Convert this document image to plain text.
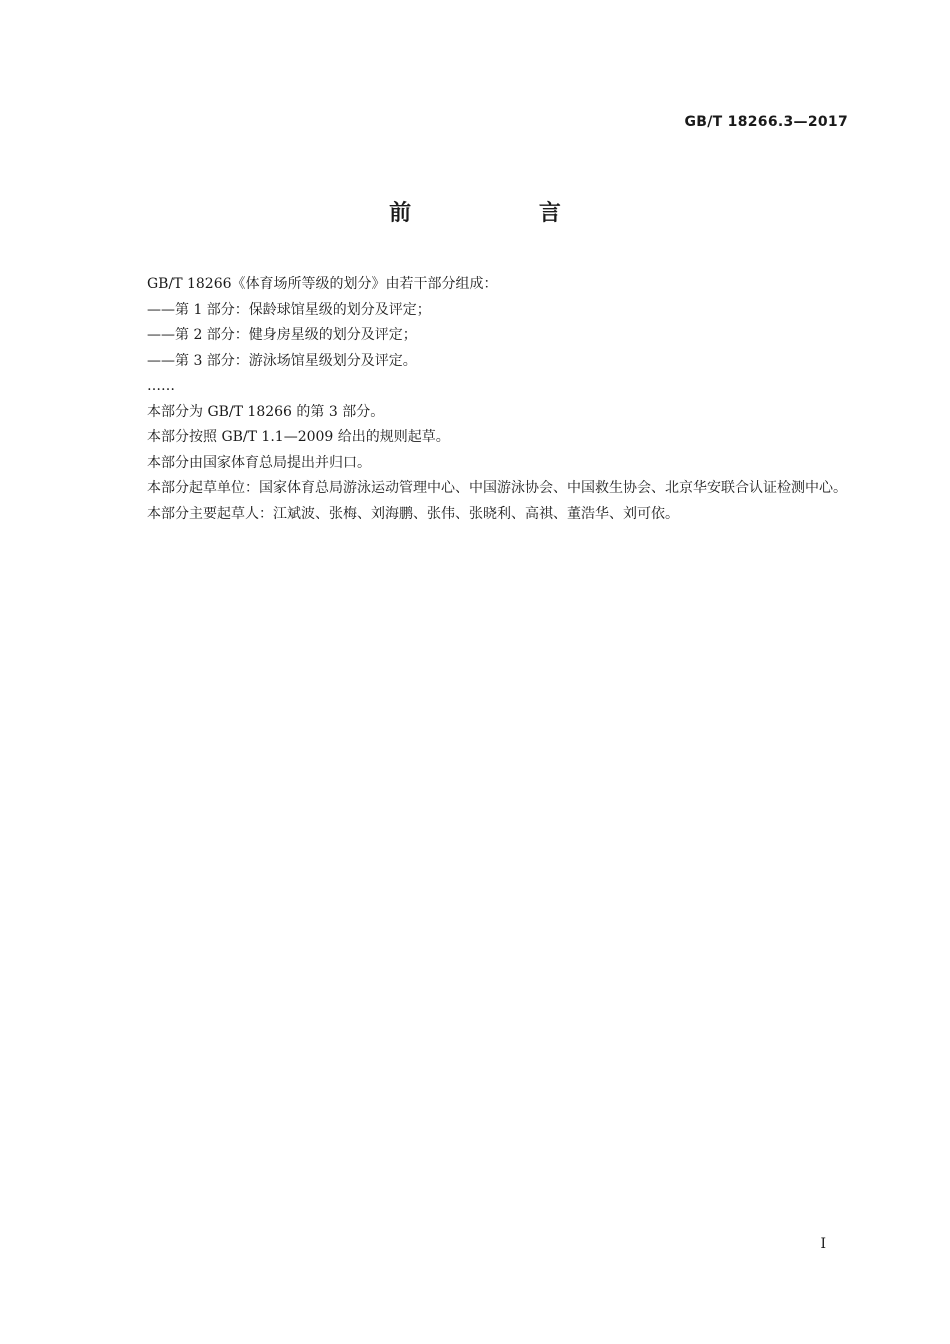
GB/T 18266.3—2017
前 言

GB/T 18266《体育场所等级的划分》由若干部分组成：

——第 1 部分：保龄球馆星级的划分及评定；

——第 2 部分：健身房星级的划分及评定；

——第 3 部分：游泳场馆星级划分及评定。

……

本部分为 GB/T 18266 的第 3 部分。

本部分按照 GB/T 1.1—2009 给出的规则起草。

本部分由国家体育总局提出并归口。

本部分起草单位：国家体育总局游泳运动管理中心、中国游泳协会、中国救生协会、北京华安联合认证检测中心。

本部分主要起草人：江斌波、张梅、刘海鹏、张伟、张晓利、高祺、董浩华、刘可依。

I
